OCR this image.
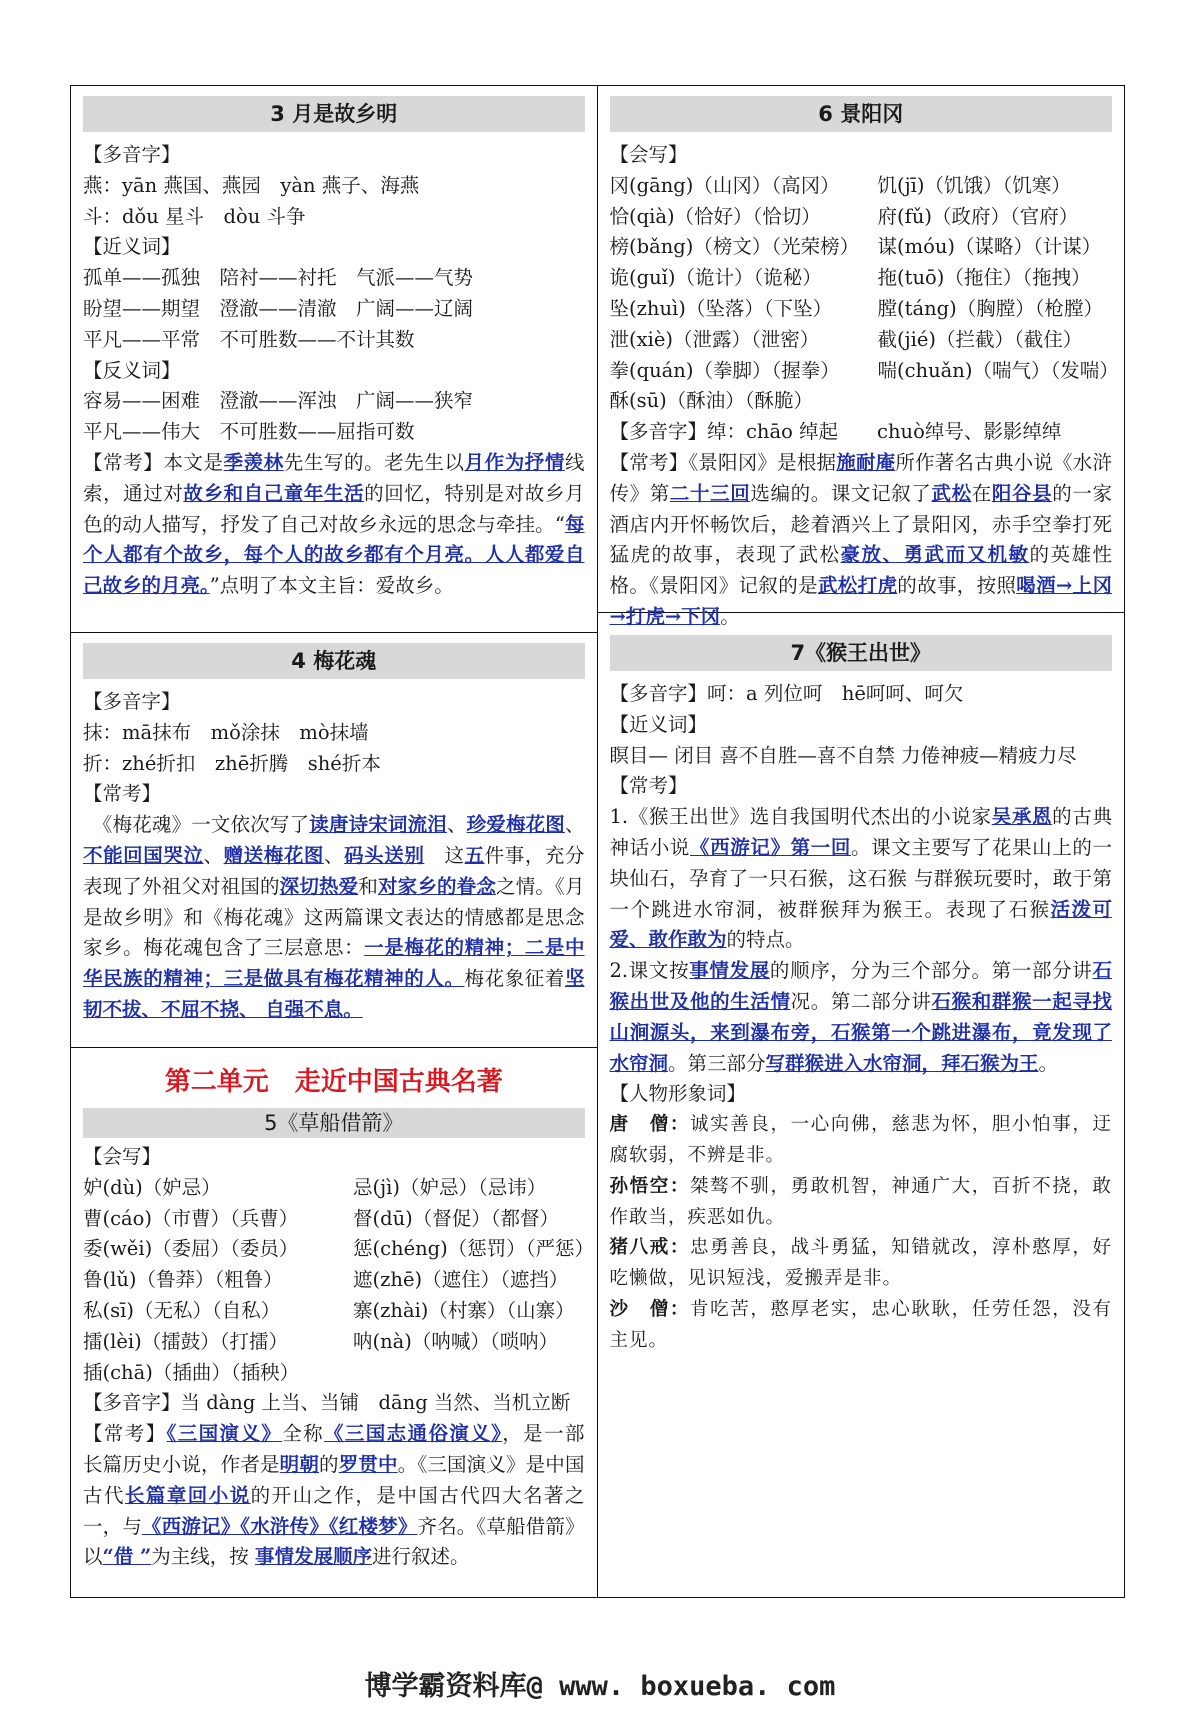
3 月是故乡明
【多音字】
燕：yān 燕国、燕园　yàn 燕子、海燕
斗：dǒu 星斗　dòu 斗争
【近义词】
孤单——孤独　陪衬——衬托　气派——气势
盼望——期望　澄澈——清澈　广阔——辽阔
平凡——平常　不可胜数——不计其数
【反义词】
容易——困难　澄澈——浑浊　广阔——狭窄
平凡——伟大　不可胜数——屈指可数
【常考】本文是季羡林先生写的。老先生以月作为抒情线索，通过对故乡和自己童年生活的回忆，特别是对故乡月色的动人描写，抒发了自己对故乡永远的思念与牵挂。“每个人都有个故乡，每个人的故乡都有个月亮。人人都爱自己故乡的月亮。”点明了本文主旨：爱故乡。
4 梅花魂
【多音字】
抹：mā抹布　mǒ涂抹　mò抹墙
折：zhé折扣　zhē折腾　shé折本
【常考】
　《梅花魂》一文依次写了读唐诗宋词流泪、珍爱梅花图、不能回国哭泣、赠送梅花图、码头送别　这五件事，充分表现了外祖父对祖国的深切热爱和对家乡的眷念之情。《月是故乡明》和《梅花魂》这两篇课文表达的情感都是思念家乡。梅花魂包含了三层意思：一是梅花的精神；二是中华民族的精神；三是做具有梅花精神的人。梅花象征着坚韧不拔、不屈不挠、 自强不息。
第二单元　走近中国古典名著
5《草船借箭》
【会写】
妒(dù)（妒忌）	忌(jì)（妒忌）（忌讳）
曹(cáo)（市曹）（兵曹）	督(dū)（督促）（都督）
委(wěi)（委屈）（委员）	惩(chéng)（惩罚）（严惩）
鲁(lǔ)（鲁莽）（粗鲁）	遮(zhē)（遮住）（遮挡）
私(sī)（无私）（自私）	寨(zhài)（村寨）（山寨）
擂(lèi)（擂鼓）（打擂）	呐(nà)（呐喊）（唢呐）
插(chā)（插曲）（插秧）
【多音字】当 dàng 上当、当铺　dāng 当然、当机立断
【常考】《三国演义》全称《三国志通俗演义》，是一部　长篇历史小说，作者是明朝的罗贯中。《三国演义》是中国古代长篇章回小说的开山之作，是中国古代四大名著之一，与《西游记》《水浒传》《红楼梦》齐名。《草船借箭》以“借 ”为主线，按 事情发展顺序进行叙述。
6 景阳冈
【会写】
冈(gāng)（山冈）（高冈）	饥(jī)（饥饿）（饥寒）
恰(qià)（恰好）（恰切）	府(fǔ)（政府）（官府）
榜(bǎng)（榜文）（光荣榜） 谋(móu)（谋略）（计谋）
诡(guǐ)（诡计）（诡秘）	拖(tuō)（拖住）（拖拽）
坠(zhuì)（坠落）（下坠）	膛(táng)（胸膛）（枪膛）
泄(xiè)（泄露）（泄密）	截(jié)（拦截）（截住）
拳(quán)（拳脚）（握拳）	喘(chuǎn)（喘气）（发喘）
酥(sū)（酥油）（酥脆）
【多音字】绰：chāo 绰起　　chuò绰号、影影绰绰
【常考】《景阳冈》是根据施耐庵所作著名古典小说《水浒传》第二十三回选编的。课文记叙了武松在阳谷县的一家酒店内开怀畅饮后，趁着酒兴上了景阳冈，赤手空拳打死猛虎的故事，表现了武松豪放、勇武而又机敏的英雄性格。《景阳冈》记叙的是武松打虎的故事，按照喝酒→上冈→打虎→下冈。
7《猴王出世》
【多音字】呵：a 列位呵　hē呵呵、呵欠
【近义词】
瞑目— 闭目 喜不自胜—喜不自禁 力倦神疲—精疲力尽
【常考】
1.《猴王出世》选自我国明代杰出的小说家吴承恩的古典神话小说《西游记》第一回。课文主要写了花果山上的一块仙石，孕育了一只石猴，这石猴 与群猴玩要时，敢于第一个跳进水帘洞，被群猴拜为猴王。表现了石猴活泼可爱、敢作敢为的特点。
2.课文按事情发展的顺序，分为三个部分。第一部分讲石猴出世及他的生活情况。第二部分讲石猴和群猴一起寻找山涧源头，来到瀑布旁，石猴第一个跳进瀑布，竟发现了水帘洞。第三部分写群猴进入水帘洞，拜石猴为王。
【人物形象词】
唐　僧：诚实善良，一心向佛，慈悲为怀，胆小怕事，迂腐软弱，不辨是非。
孙悟空：桀骜不驯，勇敢机智，神通广大，百折不挠，敢作敢当，疾恶如仇。
猪八戒：忠勇善良，战斗勇猛，知错就改，淳朴憨厚，好吃懒做，见识短浅，爱搬弄是非。
沙　僧：肯吃苦，憨厚老实，忠心耿耿，任劳任怨，没有主见。
博学霸资料库@ www. boxueba. com
